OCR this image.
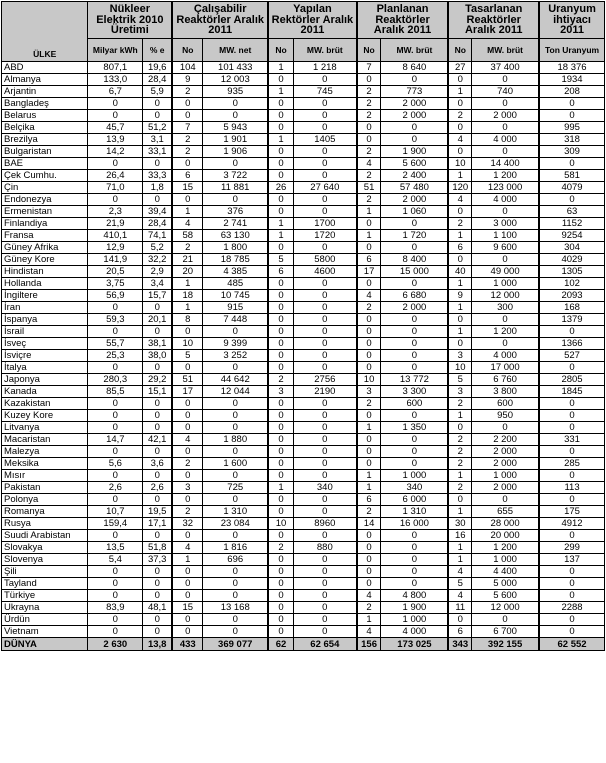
ÜLKE	Nükleer Elektrik 2010 Üretimi		Çalışabilir Reaktörler Aralık 2011		Yapılan Rektörler Aralık 2011		Planlanan Reaktörler Aralık 2011		Tasarlanan Reaktörler Aralık 2011		Uranyum ihtiyacı 2011
	Milyar kWh	% e	No	MW. net	No	MW. brüt	No	MW. brüt	No	MW. brüt	Ton Uranyum
ABD	807,1	19,6	104	101 433	1	1 218	7	8 640	27	37 400	18 376
Almanya	133,0	28,4	9	12 003	0	0	0	0	0	0	1934
Arjantin	6,7	5,9	2	935	1	745	2	773	1	740	208
Bangladeş	0	0	0	0	0	0	2	2 000	0	0	0
Belarus	0	0	0	0	0	0	2	2 000	2	2 000	0
Belçika	45,7	51,2	7	5 943	0	0	0	0	0	0	995
Brezilya	13,9	3,1	2	1 901	1	1405	0	0	4	4 000	318
Bulgaristan	14,2	33,1	2	1 906	0	0	2	1 900	0	0	309
BAE	0	0	0	0	0	0	4	5 600	10	14 400	0
Çek Cumhu.	26,4	33,3	6	3 722	0	0	2	2 400	1	1 200	581
Çin	71,0	1,8	15	11 881	26	27 640	51	57 480	120	123 000	4079
Endonezya	0	0	0	0	0	0	2	2 000	4	4 000	0
Ermenistan	2,3	39,4	1	376	0	0	1	1 060	0	0	63
Finlandiya	21,9	28,4	4	2 741	1	1700	0	0	2	3 000	1152
Fransa	410,1	74,1	58	63 130	1	1720	1	1 720	1	1 100	9254
Güney Afrika	12,9	5,2	2	1 800	0	0	0	0	6	9 600	304
Güney Kore	141,9	32,2	21	18 785	5	5800	6	8 400	0	0	4029
Hindistan	20,5	2,9	20	4 385	6	4600	17	15 000	40	49 000	1305
Hollanda	3,75	3,4	1	485	0	0	0	0	1	1 000	102
İngiltere	56,9	15,7	18	10 745	0	0	4	6 680	9	12 000	2093
İran	0	0	1	915	0	0	2	2 000	1	300	168
İspanya	59,3	20,1	8	7 448	0	0	0	0	0	0	1379
İsrail	0	0	0	0	0	0	0	0	1	1 200	0
İsveç	55,7	38,1	10	9 399	0	0	0	0	0	0	1366
İsviçre	25,3	38,0	5	3 252	0	0	0	0	3	4 000	527
İtalya	0	0	0	0	0	0	0	0	10	17 000	0
Japonya	280,3	29,2	51	44 642	2	2756	10	13 772	5	6 760	2805
Kanada	85,5	15,1	17	12 044	3	2190	3	3 300	3	3 800	1845
Kazakistan	0	0	0	0	0	0	2	600	2	600	0
Kuzey Kore	0	0	0	0	0	0	0	0	1	950	0
Litvanya	0	0	0	0	0	0	1	1 350	0	0	0
Macaristan	14,7	42,1	4	1 880	0	0	0	0	2	2 200	331
Malezya	0	0	0	0	0	0	0	0	2	2 000	0
Meksika	5,6	3,6	2	1 600	0	0	0	0	2	2 000	285
Mısır	0	0	0	0	0	0	1	1 000	1	1 000	0
Pakistan	2,6	2,6	3	725	1	340	1	340	2	2 000	113
Polonya	0	0	0	0	0	0	6	6 000	0	0	0
Romanya	10,7	19,5	2	1 310	0	0	2	1 310	1	655	175
Rusya	159,4	17,1	32	23 084	10	8960	14	16 000	30	28 000	4912
Suudi Arabistan	0	0	0	0	0	0	0	0	16	20 000	0
Slovakya	13,5	51,8	4	1 816	2	880	0	0	1	1 200	299
Slovenya	5,4	37,3	1	696	0	0	0	0	1	1 000	137
Şili	0	0	0	0	0	0	0	0	4	4 400	0
Tayland	0	0	0	0	0	0	0	0	5	5 000	0
Türkiye	0	0	0	0	0	0	4	4 800	4	5 600	0
Ukrayna	83,9	48,1	15	13 168	0	0	2	1 900	11	12 000	2288
Ürdün	0	0	0	0	0	0	1	1 000	0	0	0
Vietnam	0	0	0	0	0	0	4	4 000	6	6 700	0
DÜNYA	2 630	13,8	433	369 077	62	62 654	156	173 025	343	392 155	62 552
